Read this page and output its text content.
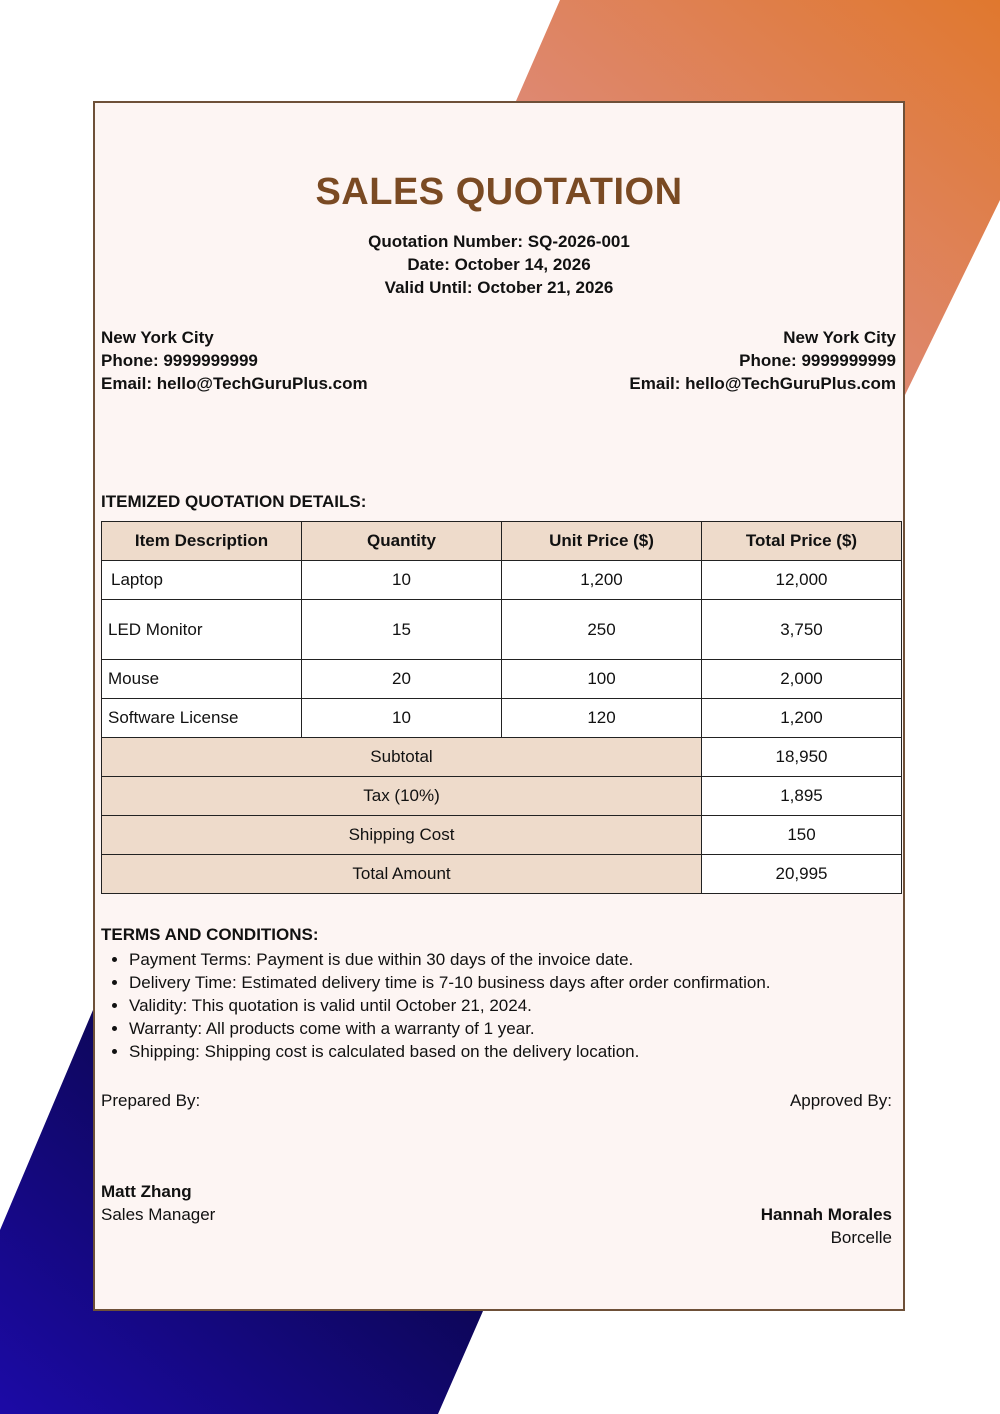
SALES QUOTATION
Quotation Number: SQ-2026-001
Date: October 14, 2026
Valid Until: October 21, 2026
New York City
Phone: 9999999999
Email: hello@TechGuruPlus.com
New York City
Phone: 9999999999
Email: hello@TechGuruPlus.com
ITEMIZED QUOTATION DETAILS:
Item Description	Quantity	Unit Price ($)	Total Price ($)
Laptop	10	1,200	12,000
LED Monitor	15	250	3,750
Mouse	20	100	2,000
Software License	10	120	1,200
Subtotal			18,950
Tax (10%)			1,895
Shipping Cost			150
Total Amount			20,995
TERMS AND CONDITIONS:
• Payment Terms: Payment is due within 30 days of the invoice date.
• Delivery Time: Estimated delivery time is 7-10 business days after order confirmation.
• Validity: This quotation is valid until October 21, 2024.
• Warranty: All products come with a warranty of 1 year.
• Shipping: Shipping cost is calculated based on the delivery location.
Prepared By:	Approved By:
Matt Zhang
Sales Manager	Hannah Morales
Borcelle
